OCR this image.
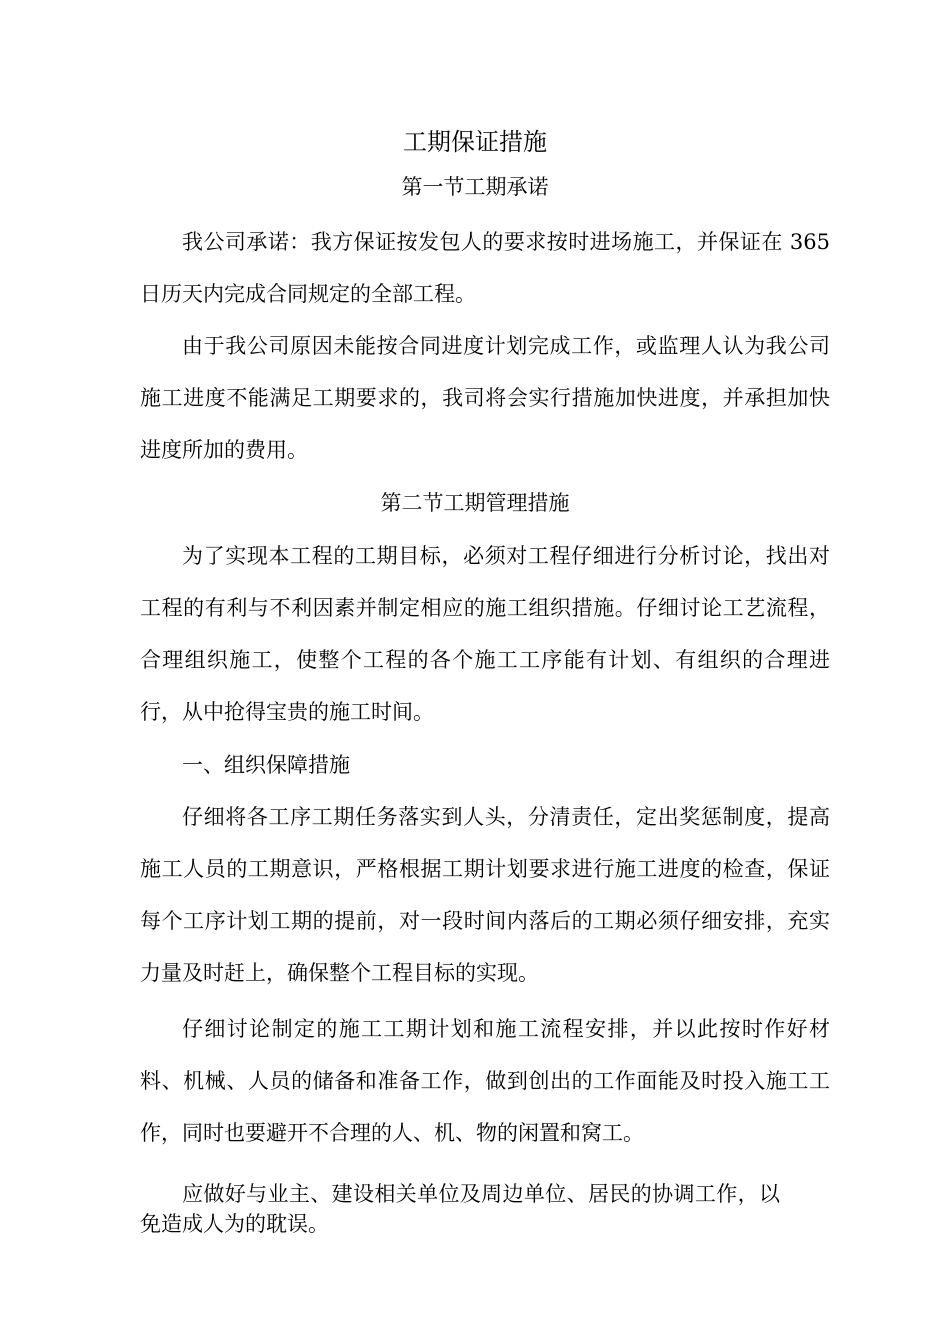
工期保证措施
第一节工期承诺

我公司承诺：我方保证按发包人的要求按时进场施工，并保证在 365 日历天内完成合同规定的全部工程。

由于我公司原因未能按合同进度计划完成工作，或监理人认为我公司施工进度不能满足工期要求的，我司将会实行措施加快进度，并承担加快进度所加的费用。

第二节工期管理措施

为了实现本工程的工期目标，必须对工程仔细进行分析讨论，找出对工程的有利与不利因素并制定相应的施工组织措施。仔细讨论工艺流程，合理组织施工，使整个工程的各个施工工序能有计划、有组织的合理进行，从中抢得宝贵的施工时间。

一、组织保障措施

仔细将各工序工期任务落实到人头，分清责任，定出奖惩制度，提高施工人员的工期意识，严格根据工期计划要求进行施工进度的检查，保证每个工序计划工期的提前，对一段时间内落后的工期必须仔细安排，充实力量及时赶上，确保整个工程目标的实现。

仔细讨论制定的施工工期计划和施工流程安排，并以此按时作好材料、机械、人员的储备和准备工作，做到创出的工作面能及时投入施工工作，同时也要避开不合理的人、机、物的闲置和窝工。

应做好与业主、建设相关单位及周边单位、居民的协调工作，以免造成人为的耽误。
